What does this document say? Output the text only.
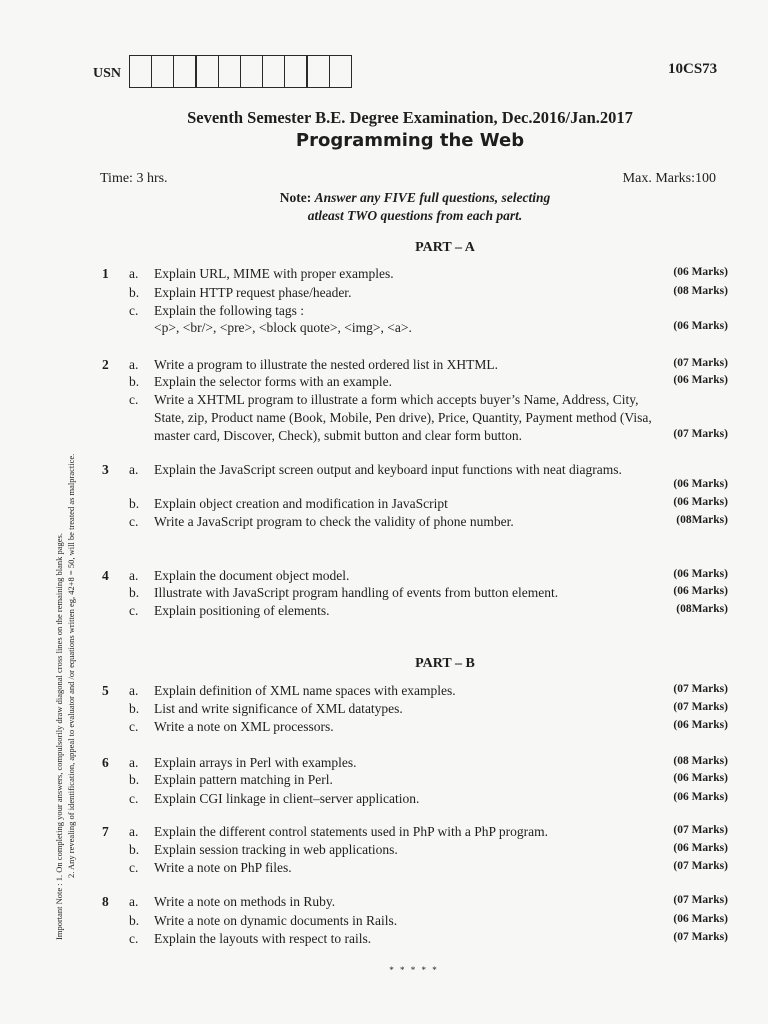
USN	10CS73
Seventh Semester B.E. Degree Examination, Dec.2016/Jan.2017
Programming the Web
Time: 3 hrs.	Max. Marks:100
Note: Answer any FIVE full questions, selecting
atleast TWO questions from each part.
Important Note : 1. On completing your answers, compulsorily draw diagonal cross lines on the remaining blank pages. 2. Any revealing of identification, appeal to evaluator and /or equations written eg, 42+8 = 50, will be treated as malpractice.
PART – A
PART – B
1 a. Explain URL, MIME with proper examples.	(06 Marks)
b. Explain HTTP request phase/header.	(08 Marks)
c. Explain the following tags :
<p>, <br/>, <pre>, <block quote>, <img>, <a>.	(06 Marks)
2 a. Write a program to illustrate the nested ordered list in XHTML.	(07 Marks)
b. Explain the selector forms with an example.	(06 Marks)
c. Write a XHTML program to illustrate a form which accepts buyer’s Name, Address, City,
State, zip, Product name (Book, Mobile, Pen drive), Price, Quantity, Payment method (Visa,
master card, Discover, Check), submit button and clear form button.	(07 Marks)
3 a. Explain the JavaScript screen output and keyboard input functions with neat diagrams.
(06 Marks)
b. Explain object creation and modification in JavaScript	(06 Marks)
c. Write a JavaScript program to check the validity of phone number.	(08Marks)
4 a. Explain the document object model.	(06 Marks)
b. Illustrate with JavaScript program handling of events from button element.	(06 Marks)
c. Explain positioning of elements.	(08Marks)
5 a. Explain definition of XML name spaces with examples.	(07 Marks)
b. List and write significance of XML datatypes.	(07 Marks)
c. Write a note on XML processors.	(06 Marks)
6 a. Explain arrays in Perl with examples.	(08 Marks)
b. Explain pattern matching in Perl.	(06 Marks)
c. Explain CGI linkage in client–server application.	(06 Marks)
7 a. Explain the different control statements used in PhP with a PhP program.	(07 Marks)
b. Explain session tracking in web applications.	(06 Marks)
c. Write a note on PhP files.	(07 Marks)
8 a. Write a note on methods in Ruby.	(07 Marks)
b. Write a note on dynamic documents in Rails.	(06 Marks)
c. Explain the layouts with respect to rails.	(07 Marks)
* * * * *
